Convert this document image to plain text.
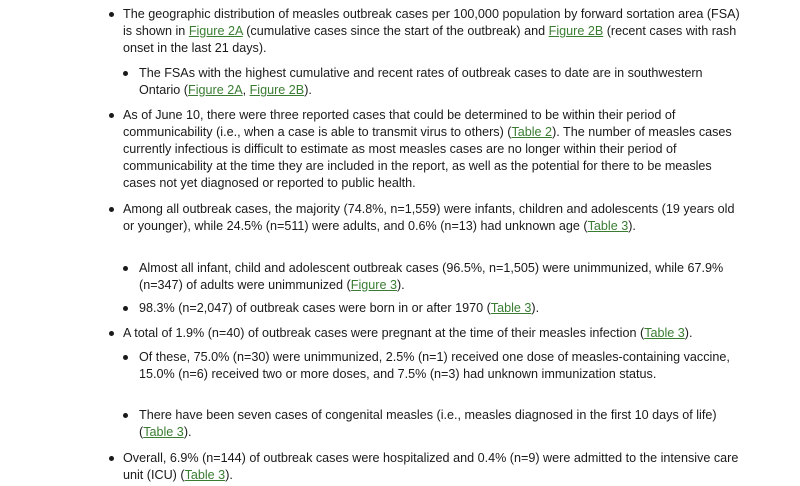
The geographic distribution of measles outbreak cases per 100,000 population by forward sortation area (FSA) is shown in Figure 2A (cumulative cases since the start of the outbreak) and Figure 2B (recent cases with rash onset in the last 21 days).

The FSAs with the highest cumulative and recent rates of outbreak cases to date are in southwestern Ontario (Figure 2A, Figure 2B).

As of June 10, there were three reported cases that could be determined to be within their period of communicability (i.e., when a case is able to transmit virus to others) (Table 2). The number of measles cases currently infectious is difficult to estimate as most measles cases are no longer within their period of communicability at the time they are included in the report, as well as the potential for there to be measles cases not yet diagnosed or reported to public health.

Among all outbreak cases, the majority (74.8%, n=1,559) were infants, children and adolescents (19 years old or younger), while 24.5% (n=511) were adults, and 0.6% (n=13) had unknown age (Table 3).

Almost all infant, child and adolescent outbreak cases (96.5%, n=1,505) were unimmunized, while 67.9% (n=347) of adults were unimmunized (Figure 3).

98.3% (n=2,047) of outbreak cases were born in or after 1970 (Table 3).

A total of 1.9% (n=40) of outbreak cases were pregnant at the time of their measles infection (Table 3).

Of these, 75.0% (n=30) were unimmunized, 2.5% (n=1) received one dose of measles-containing vaccine, 15.0% (n=6) received two or more doses, and 7.5% (n=3) had unknown immunization status.

There have been seven cases of congenital measles (i.e., measles diagnosed in the first 10 days of life) (Table 3).

Overall, 6.9% (n=144) of outbreak cases were hospitalized and 0.4% (n=9) were admitted to the intensive care unit (ICU) (Table 3).
